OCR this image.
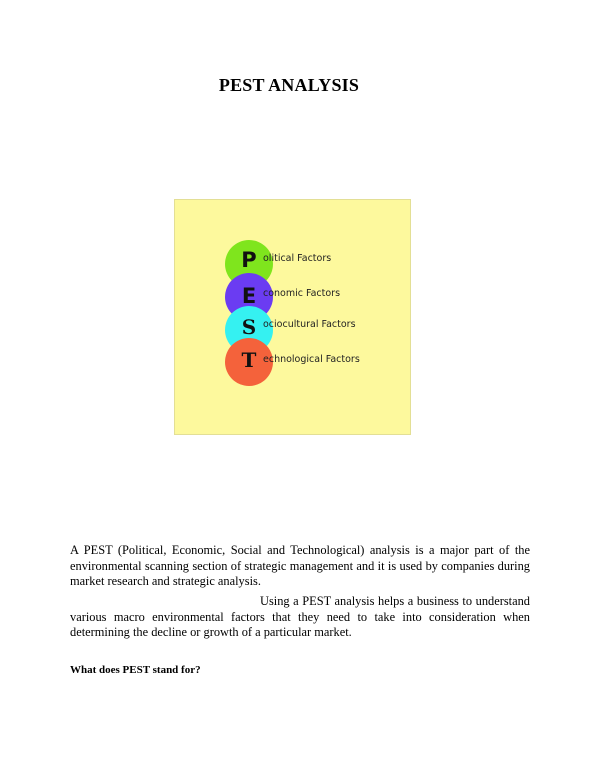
PEST ANALYSIS
P
E
S
T
olitical Factors
conomic Factors
ociocultural Factors
echnological Factors

A PEST (Political, Economic, Social and Technological) analysis is a major part of the environmental scanning section of strategic management and it is used by companies during market research and strategic analysis.

Using a PEST analysis helps a business to understand various macro environmental factors that they need to take into consideration when determining the decline or growth of a particular market.

What does PEST stand for?
